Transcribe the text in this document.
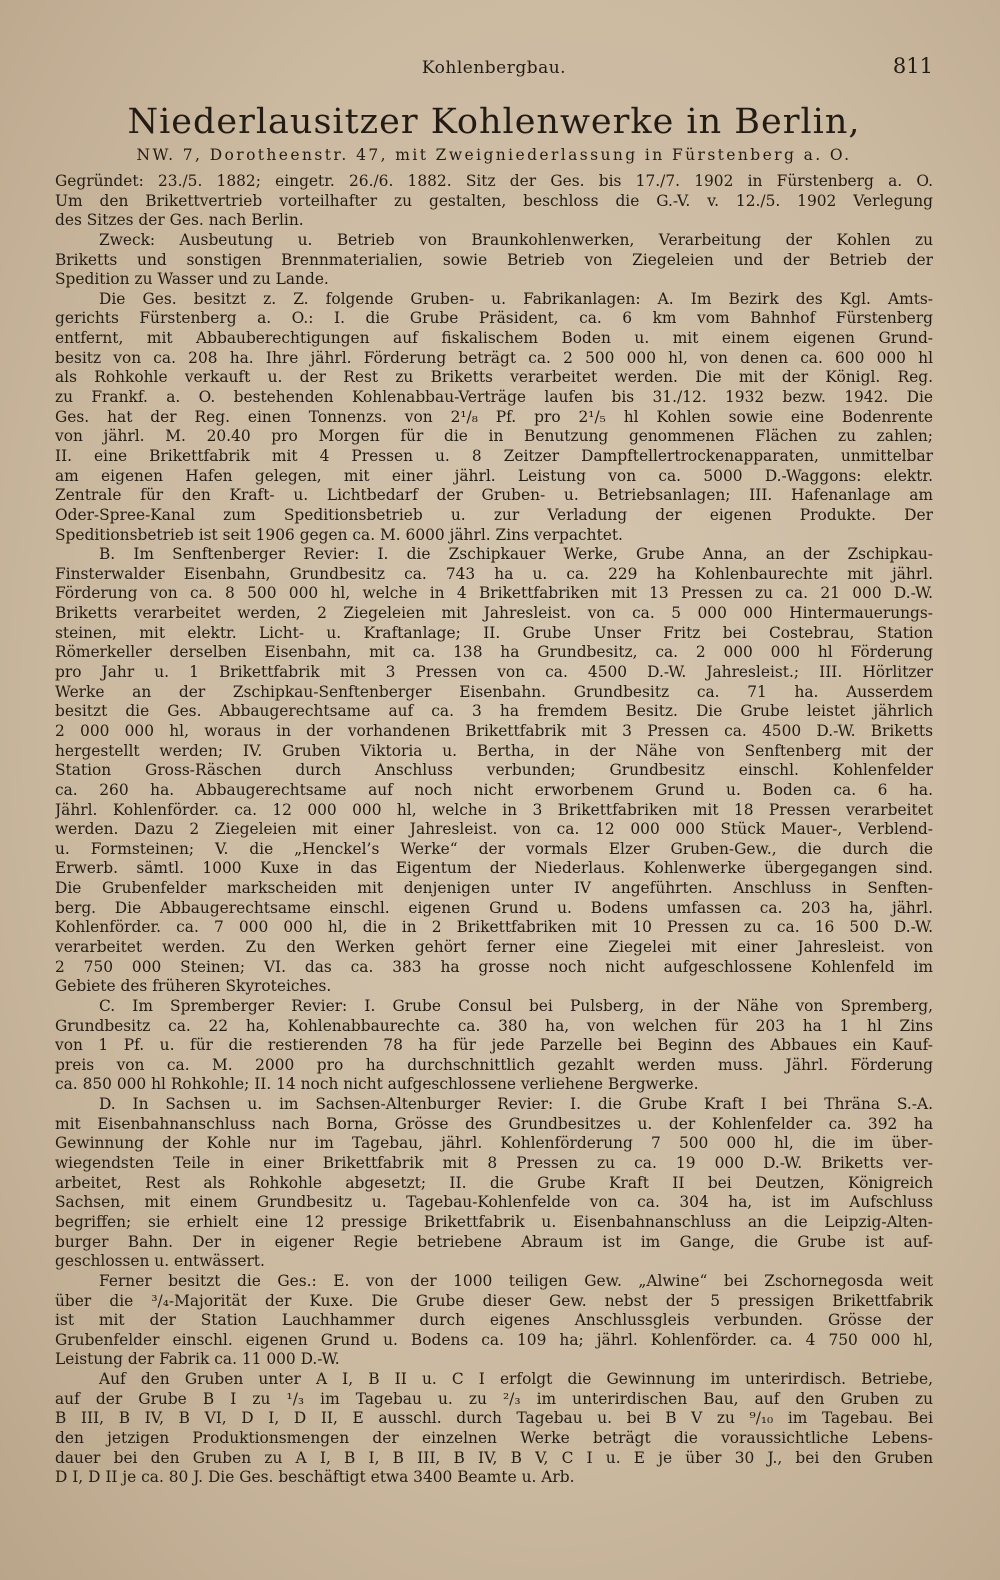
Kohlenbergbau.	811
Niederlausitzer Kohlenwerke in Berlin,
NW. 7, Dorotheenstr. 47, mit Zweigniederlassung in Fürstenberg a. O.
Gegründet: 23./5. 1882; eingetr. 26./6. 1882. Sitz der Ges. bis 17./7. 1902 in Fürstenberg a. O.
Um den Brikettvertrieb vorteilhafter zu gestalten, beschloss die G.-V. v. 12./5. 1902 Verlegung
des Sitzes der Ges. nach Berlin.
Zweck: Ausbeutung u. Betrieb von Braunkohlenwerken, Verarbeitung der Kohlen zu
Briketts und sonstigen Brennmaterialien, sowie Betrieb von Ziegeleien und der Betrieb der
Spedition zu Wasser und zu Lande.
Die Ges. besitzt z. Z. folgende Gruben- u. Fabrikanlagen: A. Im Bezirk des Kgl. Amts-
gerichts Fürstenberg a. O.: I. die Grube Präsident, ca. 6 km vom Bahnhof Fürstenberg
entfernt, mit Abbauberechtigungen auf fiskalischem Boden u. mit einem eigenen Grund-
besitz von ca. 208 ha. Ihre jährl. Förderung beträgt ca. 2 500 000 hl, von denen ca. 600 000 hl
als Rohkohle verkauft u. der Rest zu Briketts verarbeitet werden. Die mit der Königl. Reg.
zu Frankf. a. O. bestehenden Kohlenabbau-Verträge laufen bis 31./12. 1932 bezw. 1942. Die
Ges. hat der Reg. einen Tonnenzs. von 2¹/₈ Pf. pro 2¹/₅ hl Kohlen sowie eine Bodenrente
von jährl. M. 20.40 pro Morgen für die in Benutzung genommenen Flächen zu zahlen;
II. eine Brikettfabrik mit 4 Pressen u. 8 Zeitzer Dampftellertrockenapparaten, unmittelbar
am eigenen Hafen gelegen, mit einer jährl. Leistung von ca. 5000 D.-Waggons: elektr.
Zentrale für den Kraft- u. Lichtbedarf der Gruben- u. Betriebsanlagen; III. Hafenanlage am
Oder-Spree-Kanal zum Speditionsbetrieb u. zur Verladung der eigenen Produkte. Der
Speditionsbetrieb ist seit 1906 gegen ca. M. 6000 jährl. Zins verpachtet.
B. Im Senftenberger Revier: I. die Zschipkauer Werke, Grube Anna, an der Zschipkau-
Finsterwalder Eisenbahn, Grundbesitz ca. 743 ha u. ca. 229 ha Kohlenbaurechte mit jährl.
Förderung von ca. 8 500 000 hl, welche in 4 Brikettfabriken mit 13 Pressen zu ca. 21 000 D.-W.
Briketts verarbeitet werden, 2 Ziegeleien mit Jahresleist. von ca. 5 000 000 Hintermauerungs-
steinen, mit elektr. Licht- u. Kraftanlage; II. Grube Unser Fritz bei Costebrau, Station
Römerkeller derselben Eisenbahn, mit ca. 138 ha Grundbesitz, ca. 2 000 000 hl Förderung
pro Jahr u. 1 Brikettfabrik mit 3 Pressen von ca. 4500 D.-W. Jahresleist.; III. Hörlitzer
Werke an der Zschipkau-Senftenberger Eisenbahn. Grundbesitz ca. 71 ha. Ausserdem
besitzt die Ges. Abbaugerechtsame auf ca. 3 ha fremdem Besitz. Die Grube leistet jährlich
2 000 000 hl, woraus in der vorhandenen Brikettfabrik mit 3 Pressen ca. 4500 D.-W. Briketts
hergestellt werden; IV. Gruben Viktoria u. Bertha, in der Nähe von Senftenberg mit der
Station Gross-Räschen durch Anschluss verbunden; Grundbesitz einschl. Kohlenfelder
ca. 260 ha. Abbaugerechtsame auf noch nicht erworbenem Grund u. Boden ca. 6 ha.
Jährl. Kohlenförder. ca. 12 000 000 hl, welche in 3 Brikettfabriken mit 18 Pressen verarbeitet
werden. Dazu 2 Ziegeleien mit einer Jahresleist. von ca. 12 000 000 Stück Mauer-, Verblend-
u. Formsteinen; V. die „Henckel’s Werke“ der vormals Elzer Gruben-Gew., die durch die
Erwerb. sämtl. 1000 Kuxe in das Eigentum der Niederlaus. Kohlenwerke übergegangen sind.
Die Grubenfelder markscheiden mit denjenigen unter IV angeführten. Anschluss in Senften-
berg. Die Abbaugerechtsame einschl. eigenen Grund u. Bodens umfassen ca. 203 ha, jährl.
Kohlenförder. ca. 7 000 000 hl, die in 2 Brikettfabriken mit 10 Pressen zu ca. 16 500 D.-W.
verarbeitet werden. Zu den Werken gehört ferner eine Ziegelei mit einer Jahresleist. von
2 750 000 Steinen; VI. das ca. 383 ha grosse noch nicht aufgeschlossene Kohlenfeld im
Gebiete des früheren Skyroteiches.
C. Im Spremberger Revier: I. Grube Consul bei Pulsberg, in der Nähe von Spremberg,
Grundbesitz ca. 22 ha, Kohlenabbaurechte ca. 380 ha, von welchen für 203 ha 1 hl Zins
von 1 Pf. u. für die restierenden 78 ha für jede Parzelle bei Beginn des Abbaues ein Kauf-
preis von ca. M. 2000 pro ha durchschnittlich gezahlt werden muss. Jährl. Förderung
ca. 850 000 hl Rohkohle; II. 14 noch nicht aufgeschlossene verliehene Bergwerke.
D. In Sachsen u. im Sachsen-Altenburger Revier: I. die Grube Kraft I bei Thräna S.-A.
mit Eisenbahnanschluss nach Borna, Grösse des Grundbesitzes u. der Kohlenfelder ca. 392 ha
Gewinnung der Kohle nur im Tagebau, jährl. Kohlenförderung 7 500 000 hl, die im über-
wiegendsten Teile in einer Brikettfabrik mit 8 Pressen zu ca. 19 000 D.-W. Briketts ver-
arbeitet, Rest als Rohkohle abgesetzt; II. die Grube Kraft II bei Deutzen, Königreich
Sachsen, mit einem Grundbesitz u. Tagebau-Kohlenfelde von ca. 304 ha, ist im Aufschluss
begriffen; sie erhielt eine 12 pressige Brikettfabrik u. Eisenbahnanschluss an die Leipzig-Alten-
burger Bahn. Der in eigener Regie betriebene Abraum ist im Gange, die Grube ist auf-
geschlossen u. entwässert.
Ferner besitzt die Ges.: E. von der 1000 teiligen Gew. „Alwine“ bei Zschornegosda weit
über die ³/₄-Majorität der Kuxe. Die Grube dieser Gew. nebst der 5 pressigen Brikettfabrik
ist mit der Station Lauchhammer durch eigenes Anschlussgleis verbunden. Grösse der
Grubenfelder einschl. eigenen Grund u. Bodens ca. 109 ha; jährl. Kohlenförder. ca. 4 750 000 hl,
Leistung der Fabrik ca. 11 000 D.-W.
Auf den Gruben unter A I, B II u. C I erfolgt die Gewinnung im unterirdisch. Betriebe,
auf der Grube B I zu ¹/₃ im Tagebau u. zu ²/₃ im unterirdischen Bau, auf den Gruben zu
B III, B IV, B VI, D I, D II, E ausschl. durch Tagebau u. bei B V zu ⁹/₁₀ im Tagebau. Bei
den jetzigen Produktionsmengen der einzelnen Werke beträgt die voraussichtliche Lebens-
dauer bei den Gruben zu A I, B I, B III, B IV, B V, C I u. E je über 30 J., bei den Gruben
D I, D II je ca. 80 J. Die Ges. beschäftigt etwa 3400 Beamte u. Arb.
